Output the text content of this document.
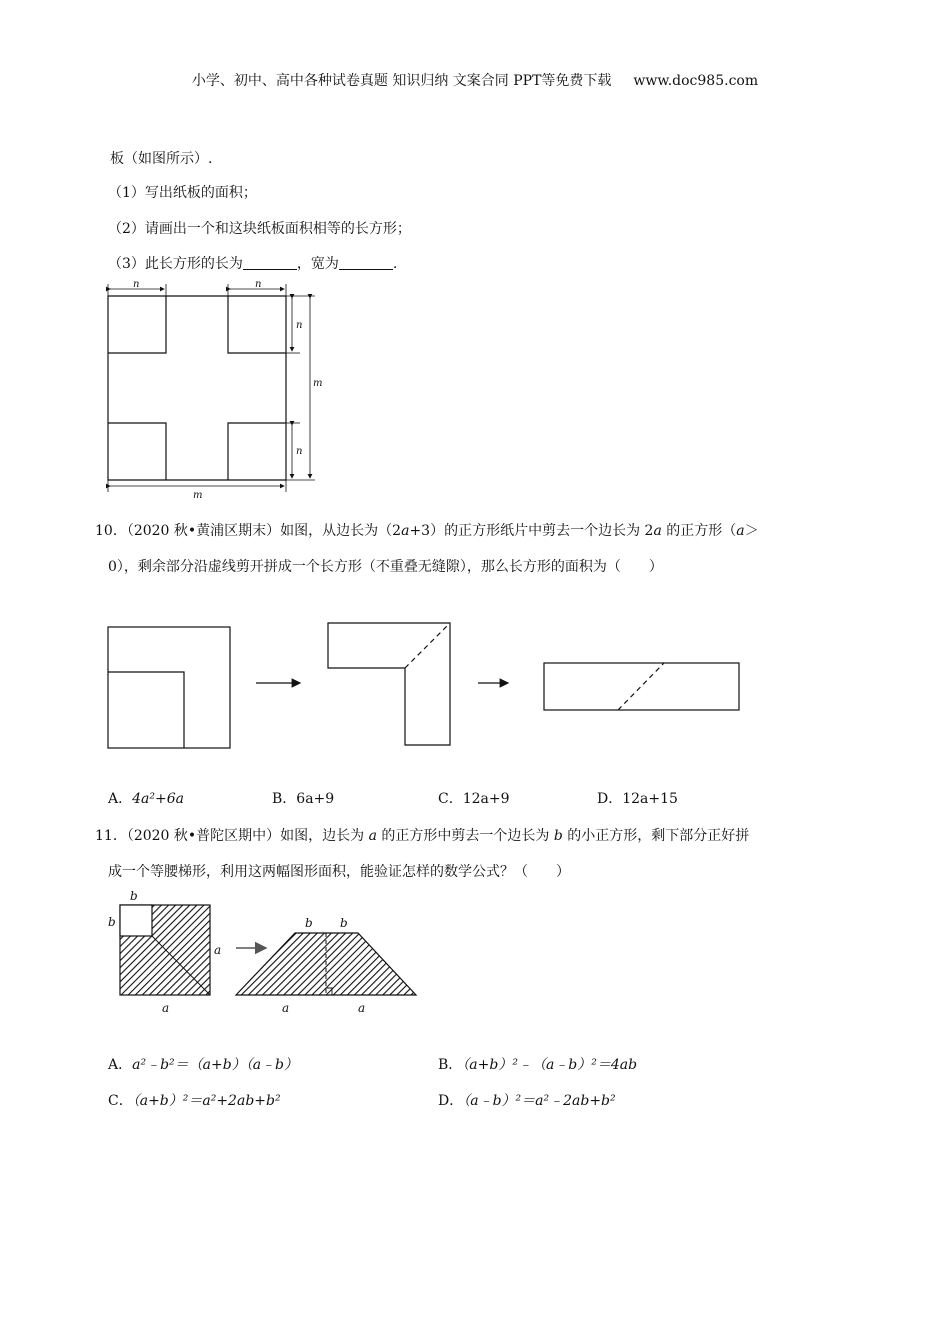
小学、初中、高中各种试卷真题 知识归纳 文案合同 PPT等免费下载 www.doc985.com
板（如图所示）.
（1）写出纸板的面积；
（2）请画出一个和这块纸板面积相等的长方形；
（3）此长方形的长为	，宽为	.
n	n
n
n
m
m
10．（2020 秋•黄浦区期末）如图，从边长为（2a+3）的正方形纸片中剪去一个边长为 2a 的正方形（a＞
0），剩余部分沿虚线剪开拼成一个长方形（不重叠无缝隙），那么长方形的面积为（　　）
A．4a²+6a	B．6a+9	C．12a+9	D．12a+15
11．（2020 秋•普陀区期中）如图，边长为 a 的正方形中剪去一个边长为 b 的小正方形，剩下部分正好拼
成一个等腰梯形，利用这两幅图形面积，能验证怎样的数学公式？（　　）
b
b
a
a
b b
a	a
A．a²﹣b²＝（a+b）（a﹣b）	B．（a+b）²﹣（a﹣b）²＝4ab
C．（a+b）²＝a²+2ab+b²	D．（a﹣b）²＝a²﹣2ab+b²
